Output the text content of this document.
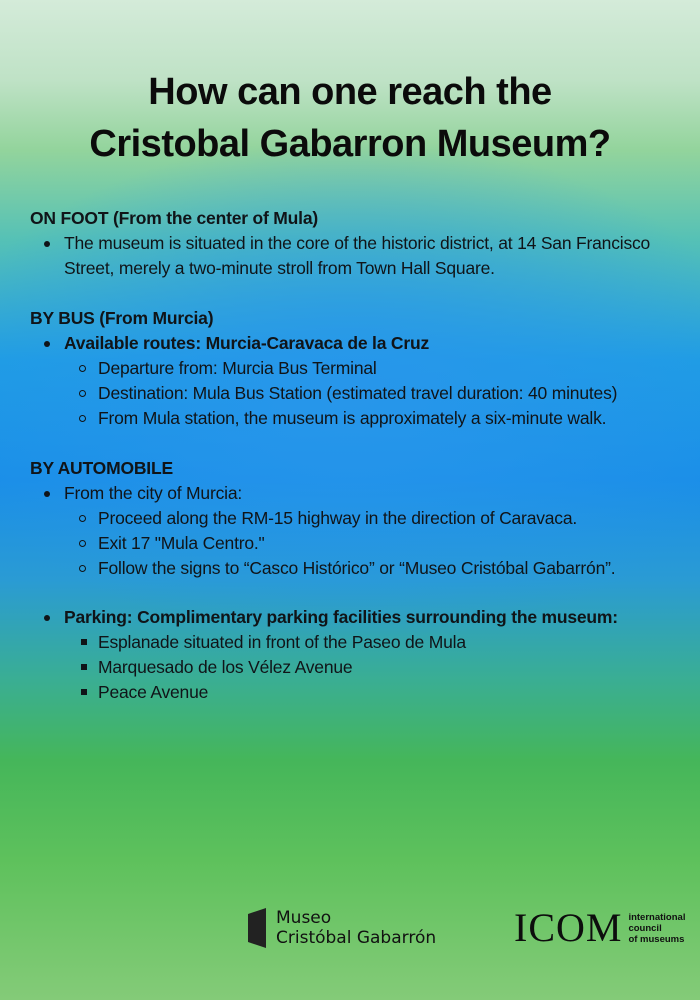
How can one reach the
Cristobal Gabarron Museum?

ON FOOT (From the center of Mula)

The museum is situated in the core of the historic district, at 14 San Francisco Street, merely a two-minute stroll from Town Hall Square.

BY BUS (From Murcia)

Available routes: Murcia-Caravaca de la Cruz
Departure from: Murcia Bus Terminal
Destination: Mula Bus Station (estimated travel duration: 40 minutes)
From Mula station, the museum is approximately a six-minute walk.

BY AUTOMOBILE

From the city of Murcia:
Proceed along the RM-15 highway in the direction of Caravaca.
Exit 17 "Mula Centro."
Follow the signs to “Casco Histórico” or “Museo Cristóbal Gabarrón”.
Parking: Complimentary parking facilities surrounding the museum:
Esplanade situated in front of the Paseo de Mula
Marquesado de los Vélez Avenue
Peace Avenue
Museo
Cristóbal Gabarrón ICOM international
council
of museums
